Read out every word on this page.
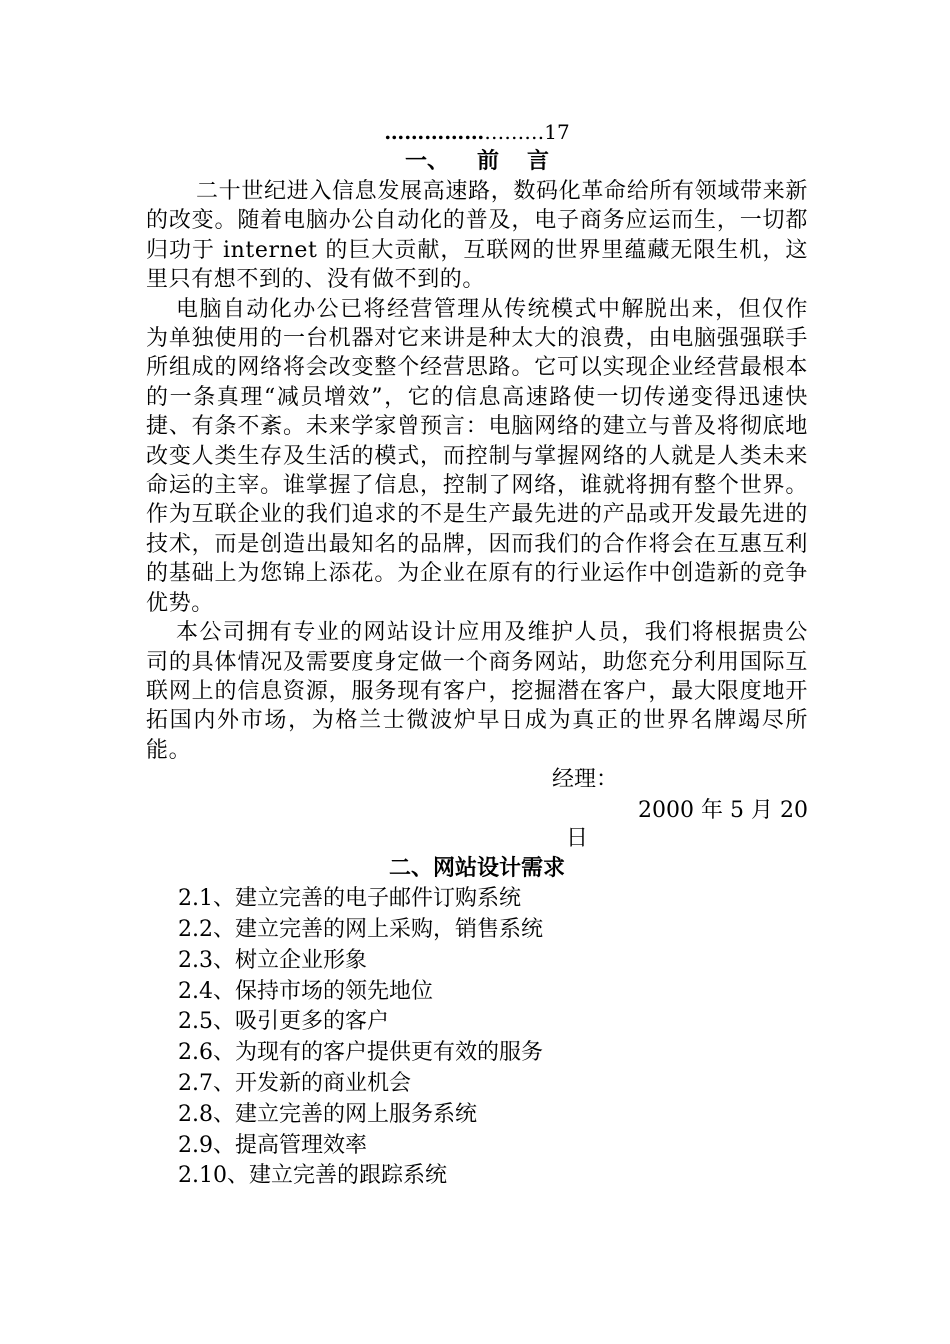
……………………17
一、 前 言

二十世纪进入信息发展高速路，数码化革命给所有领域带来新的改变。随着电脑办公自动化的普及，电子商务应运而生，一切都归功于 internet 的巨大贡献，互联网的世界里蕴藏无限生机，这里只有想不到的、没有做不到的。

电脑自动化办公已将经营管理从传统模式中解脱出来，但仅作为单独使用的一台机器对它来讲是种太大的浪费，由电脑强强联手所组成的网络将会改变整个经营思路。它可以实现企业经营最根本的一条真理“减员增效”，它的信息高速路使一切传递变得迅速快捷、有条不紊。未来学家曾预言：电脑网络的建立与普及将彻底地改变人类生存及生活的模式，而控制与掌握网络的人就是人类未来命运的主宰。谁掌握了信息，控制了网络，谁就将拥有整个世界。 作为互联企业的我们追求的不是生产最先进的产品或开发最先进的技术，而是创造出最知名的品牌，因而我们的合作将会在互惠互利的基础上为您锦上添花。为企业在原有的行业运作中创造新的竞争优势。

本公司拥有专业的网站设计应用及维护人员，我们将根据贵公司的具体情况及需要度身定做一个商务网站，助您充分利用国际互联网上的信息资源，服务现有客户，挖掘潜在客户，最大限度地开拓国内外市场，为格兰士微波炉早日成为真正的世界名牌竭尽所能。

经理：
2000 年 5 月 20
日
二、网站设计需求
2.1、建立完善的电子邮件订购系统
2.2、建立完善的网上采购，销售系统
2.3、树立企业形象
2.4、保持市场的领先地位
2.5、吸引更多的客户
2.6、为现有的客户提供更有效的服务
2.7、开发新的商业机会
2.8、建立完善的网上服务系统
2.9、提高管理效率
2.10、建立完善的跟踪系统
